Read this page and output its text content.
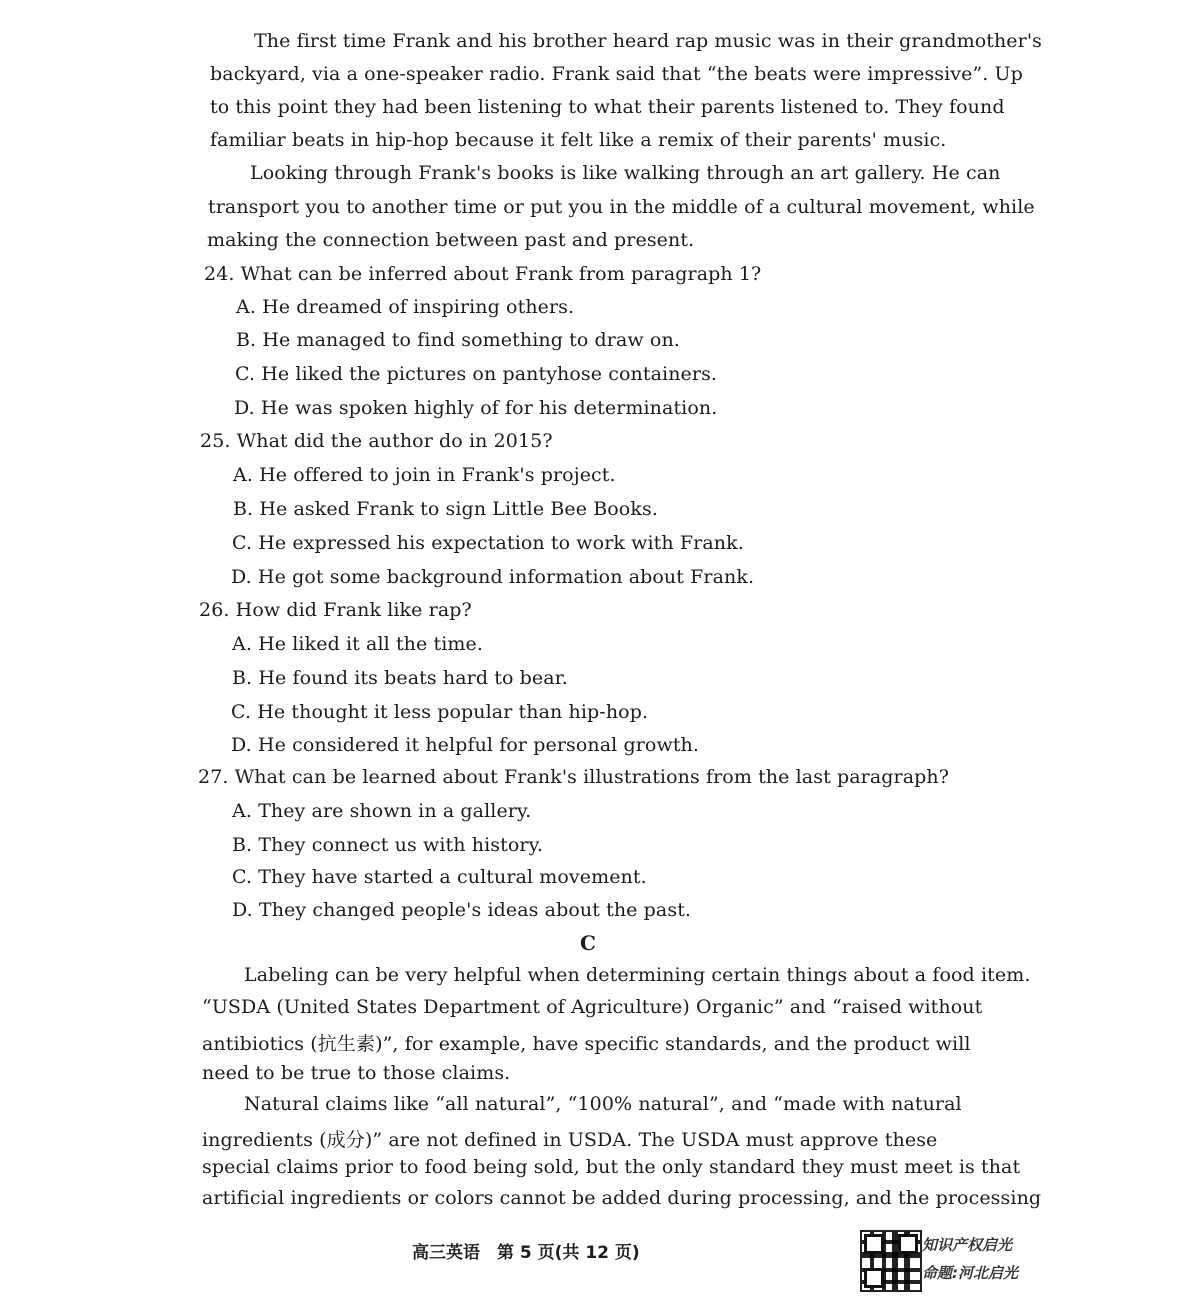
The first time Frank and his brother heard rap music was in their grandmother's
backyard, via a one-speaker radio. Frank said that “the beats were impressive”. Up
to this point they had been listening to what their parents listened to. They found
familiar beats in hip-hop because it felt like a remix of their parents' music.
Looking through Frank's books is like walking through an art gallery. He can
transport you to another time or put you in the middle of a cultural movement, while
making the connection between past and present.
24. What can be inferred about Frank from paragraph 1?
A. He dreamed of inspiring others.
B. He managed to find something to draw on.
C. He liked the pictures on pantyhose containers.
D. He was spoken highly of for his determination.
25. What did the author do in 2015?
A. He offered to join in Frank's project.
B. He asked Frank to sign Little Bee Books.
C. He expressed his expectation to work with Frank.
D. He got some background information about Frank.
26. How did Frank like rap?
A. He liked it all the time.
B. He found its beats hard to bear.
C. He thought it less popular than hip-hop.
D. He considered it helpful for personal growth.
27. What can be learned about Frank's illustrations from the last paragraph?
A. They are shown in a gallery.
B. They connect us with history.
C. They have started a cultural movement.
D. They changed people's ideas about the past.
C
Labeling can be very helpful when determining certain things about a food item.
“USDA (United States Department of Agriculture) Organic” and “raised without
antibiotics (抗生素)”, for example, have specific standards, and the product will
need to be true to those claims.
Natural claims like “all natural”, “100% natural”, and “made with natural
ingredients (成分)” are not defined in USDA. The USDA must approve these
special claims prior to food being sold, but the only standard they must meet is that
artificial ingredients or colors cannot be added during processing, and the processing
高三英语　第 5 页(共 12 页)	知识产权启光
命题:河北启光
